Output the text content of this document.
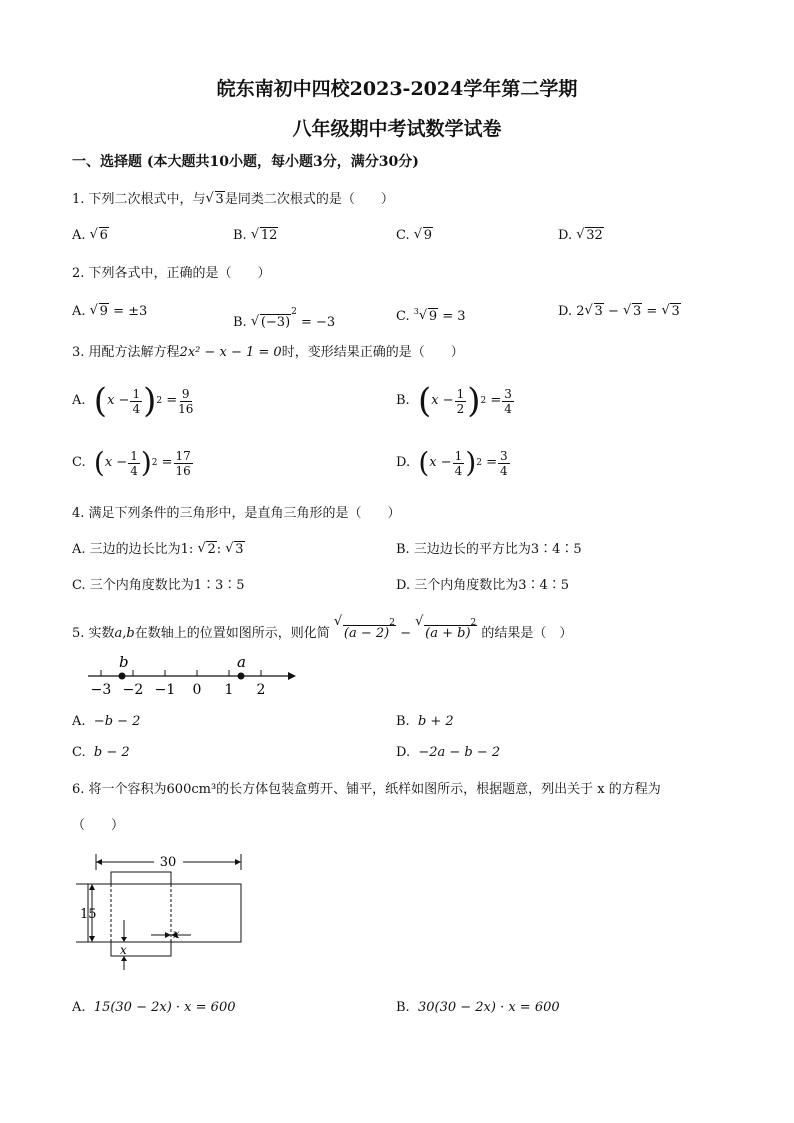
皖东南初中四校2023-2024学年第二学期
八年级期中考试数学试卷
一、选择题 (本大题共10小题，每小题3分，满分30分)
1. 下列二次根式中，与 √ 3是同类二次根式的是（　　）
A. √ 6	B. √ 12	C. √ 9	D. √ 32
2. 下列各式中，正确的是（　　）
A. √ 9 = ±3
B. √ $(-3)^2 = -3$	C. $^3$ √ 9 = 3	D. 2 √ 3 − √ 3 = √ 3
3. 用配方法解方程2x² − x − 1 = 0时，变形结果正确的是（　　）
A.
( $x - \frac{1}{4}$ ) $2 = \frac{9}{16}$	B.
( $x - \frac{1}{2}$ ) $2 = \frac{3}{4}$
C.
( $x - \frac{1}{4}$ ) $2 = \frac{17}{16}$	D.
( $x - \frac{1}{4}$ ) $2 = \frac{3}{4}$
4. 满足下列条件的三角形中，是直角三角形的是（　　）
A. 三边的边长比为1: √ 2: √ 3	B. 三边边长的平方比为3∶4∶5
C. 三个内角度数比为1∶3∶5	D. 三个内角度数比为3∶4∶5
5. 实数a,b在数轴上的位置如图所示，则化简 √ $(a - 2)^2$ − √ $(a + b)^2$ 的结果是（　）
b	a
−3 −2 −1 0 1 2
A. −b − 2	B. b + 2
C. b − 2	D. −2a − b − 2
6. 将一个容积为600cm³的长方体包装盒剪开、铺平，纸样如图所示，根据题意，列出关于 x 的方程为
（　　）
30
15
x
x
A. 15(30 − 2x) · x = 600	B. 30(30 − 2x) · x = 600
